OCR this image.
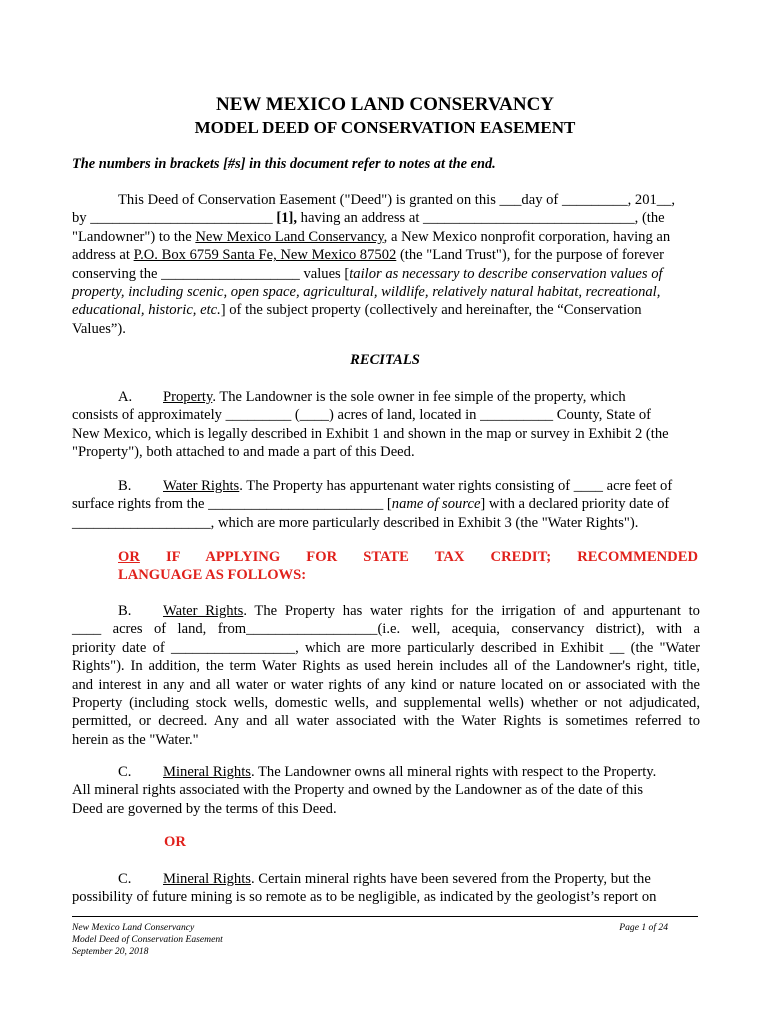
NEW MEXICO LAND CONSERVANCY
MODEL DEED OF CONSERVATION EASEMENT
The numbers in brackets [#s] in this document refer to notes at the end.

This Deed of Conservation Easement ("Deed") is granted on this ___day of _________, 201__,

by _________________________ [1], having an address at _____________________________, (the

"Landowner") to the New Mexico Land Conservancy, a New Mexico nonprofit corporation, having an

address at P.O. Box 6759 Santa Fe, New Mexico 87502 (the "Land Trust"), for the purpose of forever

conserving the ___________________ values [tailor as necessary to describe conservation values of

property, including scenic, open space, agricultural, wildlife, relatively natural habitat, recreational,

educational, historic, etc.] of the subject property (collectively and hereinafter, the “Conservation

Values”).

RECITALS

A. Property. The Landowner is the sole owner in fee simple of the property, which

consists of approximately _________ (____) acres of land, located in __________ County, State of

New Mexico, which is legally described in Exhibit 1 and shown in the map or survey in Exhibit 2 (the

"Property"), both attached to and made a part of this Deed.

B. Water Rights. The Property has appurtenant water rights consisting of ____ acre feet of

surface rights from the ________________________ [name of source] with a declared priority date of

___________________, which are more particularly described in Exhibit 3 (the "Water Rights").

OR IF APPLYING FOR STATE TAX CREDIT; RECOMMENDED

LANGUAGE AS FOLLOWS:

B. Water Rights. The Property has water rights for the irrigation of and appurtenant to

____ acres of land, from__________________(i.e. well, acequia, conservancy district), with a

priority date of _________________, which are more particularly described in Exhibit __ (the "Water

Rights"). In addition, the term Water Rights as used herein includes all of the Landowner's right, title,

and interest in any and all water or water rights of any kind or nature located on or associated with the

Property (including stock wells, domestic wells, and supplemental wells) whether or not adjudicated,

permitted, or decreed. Any and all water associated with the Water Rights is sometimes referred to

herein as the "Water."

C. Mineral Rights. The Landowner owns all mineral rights with respect to the Property.

All mineral rights associated with the Property and owned by the Landowner as of the date of this

Deed are governed by the terms of this Deed.

OR

C. Mineral Rights. Certain mineral rights have been severed from the Property, but the

possibility of future mining is so remote as to be negligible, as indicated by the geologist’s report on

New Mexico Land Conservancy
Model Deed of Conservation Easement
September 20, 2018
Page 1 of 24
